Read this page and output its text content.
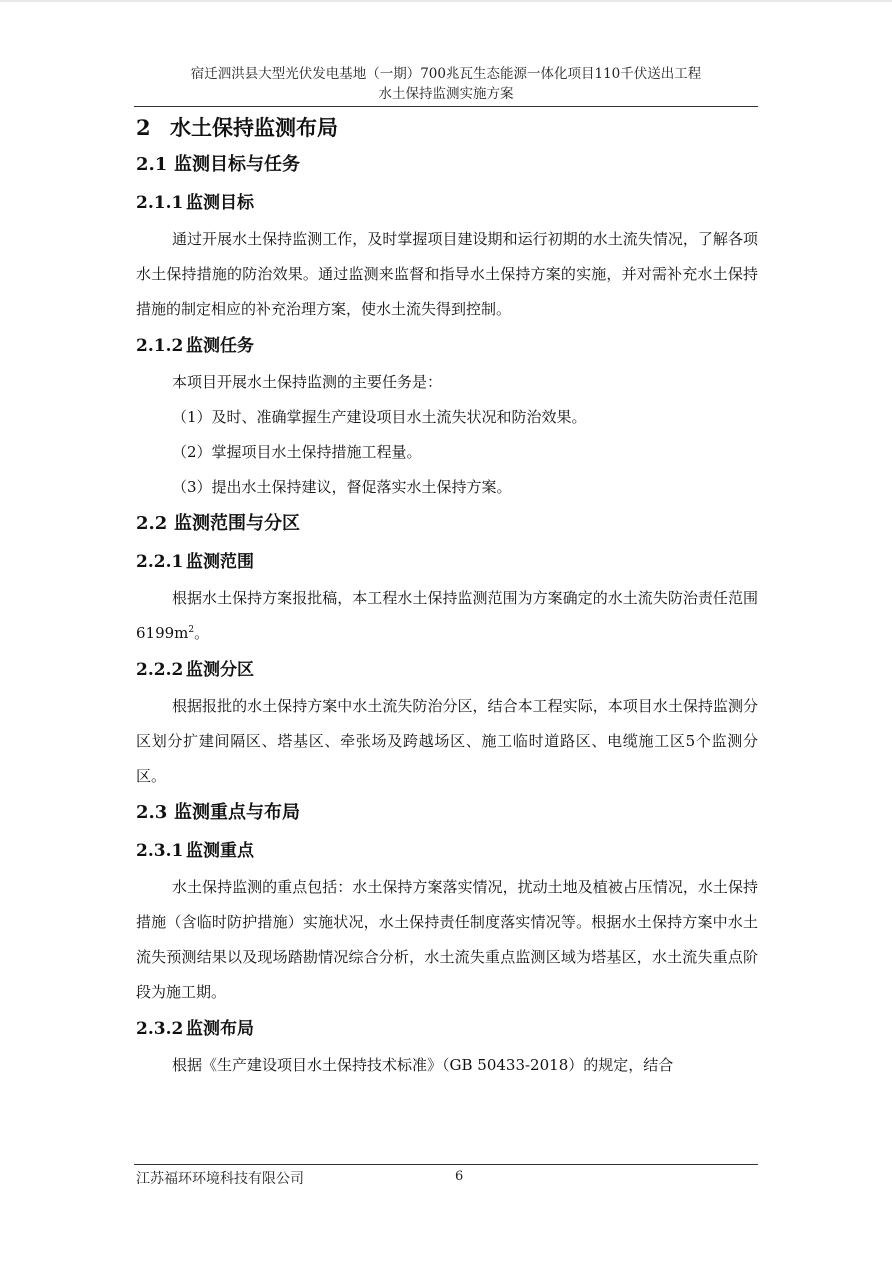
宿迁泗洪县大型光伏发电基地（一期）700兆瓦生态能源一体化项目110千伏送出工程
水土保持监测实施方案
2 水土保持监测布局
2.1 监测目标与任务
2.1.1 监测目标

通过开展水土保持监测工作，及时掌握项目建设期和运行初期的水土流失情况，了解各项水土保持措施的防治效果。通过监测来监督和指导水土保持方案的实施，并对需补充水土保持措施的制定相应的补充治理方案，使水土流失得到控制。

2.1.2 监测任务

本项目开展水土保持监测的主要任务是：

（1）及时、准确掌握生产建设项目水土流失状况和防治效果。

（2）掌握项目水土保持措施工程量。

（3）提出水土保持建议，督促落实水土保持方案。

2.2 监测范围与分区
2.2.1 监测范围

根据水土保持方案报批稿，本工程水土保持监测范围为方案确定的水土流失防治责任范围$6199m^2$。

2.2.2 监测分区

根据报批的水土保持方案中水土流失防治分区，结合本工程实际，本项目水土保持监测分区划分扩建间隔区、塔基区、牵张场及跨越场区、施工临时道路区、电缆施工区5个监测分区。

2.3 监测重点与布局
2.3.1 监测重点

水土保持监测的重点包括：水土保持方案落实情况，扰动土地及植被占压情况，水土保持措施（含临时防护措施）实施状况，水土保持责任制度落实情况等。根据水土保持方案中水土流失预测结果以及现场踏勘情况综合分析，水土流失重点监测区域为塔基区，水土流失重点阶段为施工期。

2.3.2 监测布局

根据《生产建设项目水土保持技术标准》（GB 50433-2018）的规定，结合

江苏福环环境科技有限公司	6
